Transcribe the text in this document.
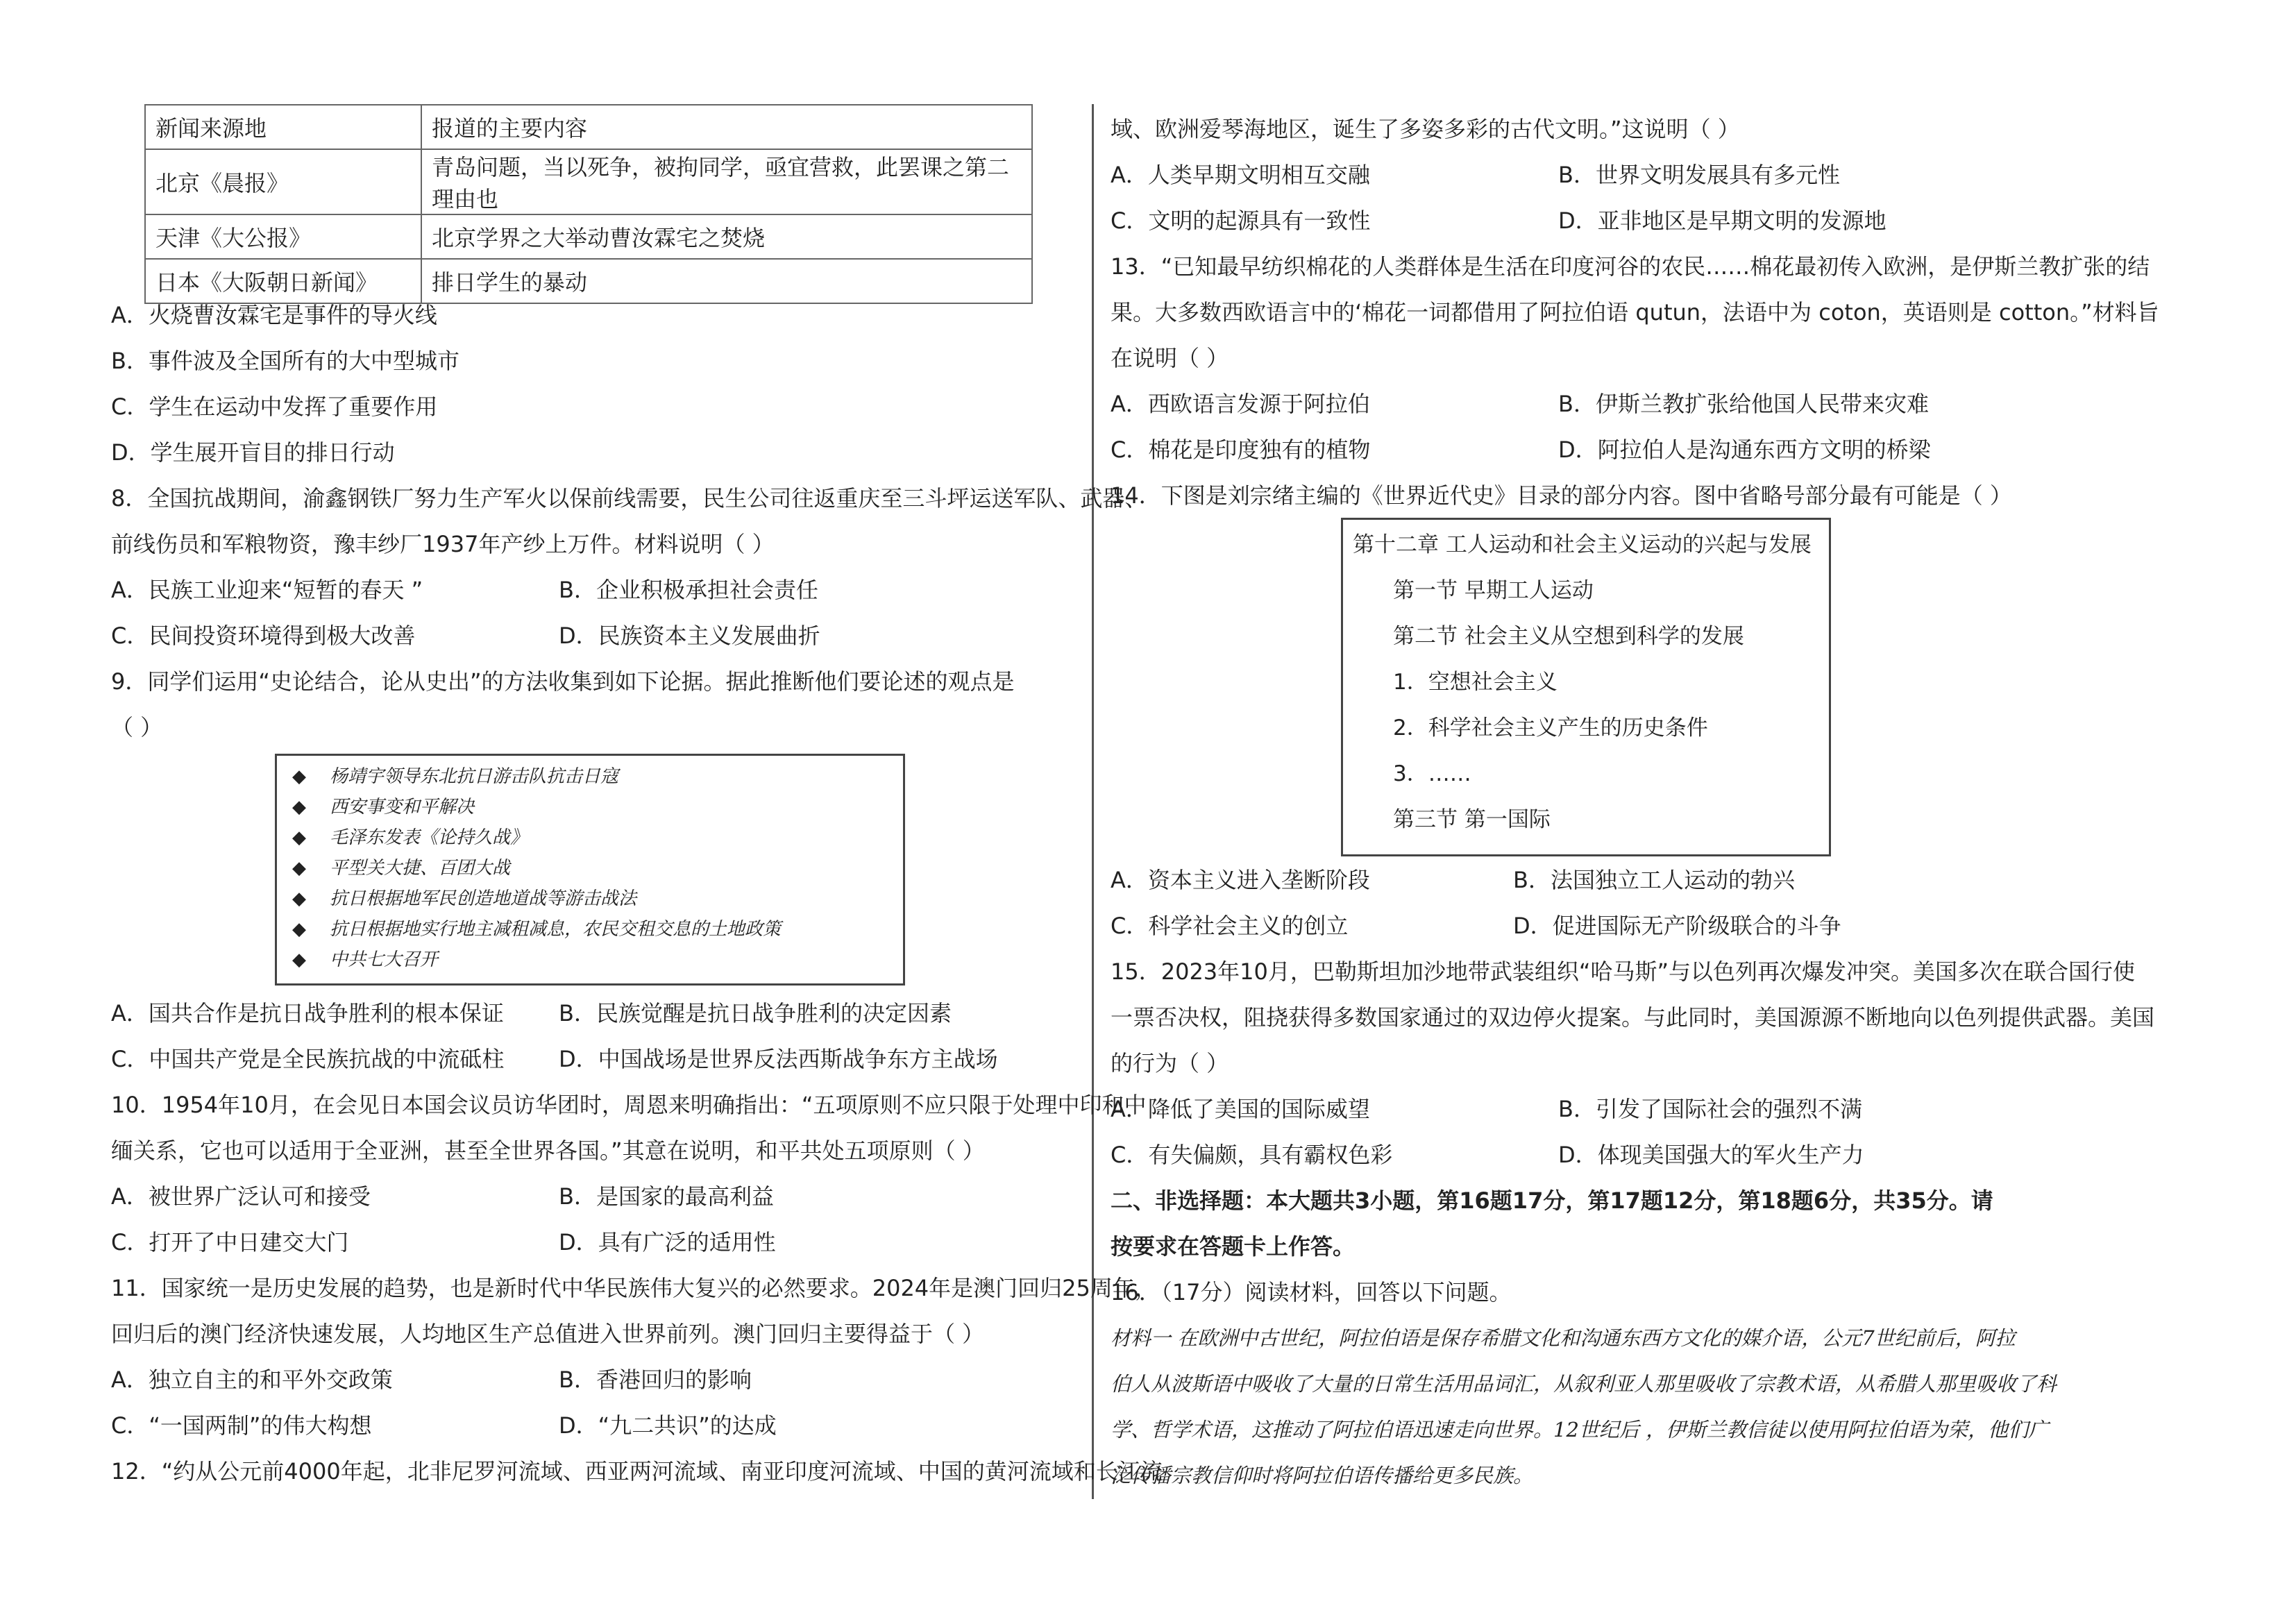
新闻来源地	报道的主要内容
北京《晨报》	青岛问题，当以死争，被拘同学，亟宜营救，此罢课之第二理由也
天津《大公报》	北京学界之大举动曹汝霖宅之焚烧
日本《大阪朝日新闻》	排日学生的暴动
A．火烧曹汝霖宅是事件的导火线
B．事件波及全国所有的大中型城市
C．学生在运动中发挥了重要作用
D．学生展开盲目的排日行动
8．全国抗战期间，渝鑫钢铁厂努力生产军火以保前线需要，民生公司往返重庆至三斗坪运送军队、武器、
前线伤员和军粮物资，豫丰纱厂1937年产纱上万件。材料说明（ ）
A．民族工业迎来“短暂的春天 ”	B．企业积极承担社会责任
C．民间投资环境得到极大改善	D．民族资本主义发展曲折
9．同学们运用“史论结合，论从史出”的方法收集到如下论据。据此推断他们要论述的观点是
（ ）
◆ 杨靖宇领导东北抗日游击队抗击日寇
◆ 西安事变和平解决
◆ 毛泽东发表《论持久战》
◆ 平型关大捷、百团大战
◆ 抗日根据地军民创造地道战等游击战法
◆ 抗日根据地实行地主减租减息，农民交租交息的土地政策
◆ 中共七大召开
A．国共合作是抗日战争胜利的根本保证 B．民族觉醒是抗日战争胜利的决定因素
C．中国共产党是全民族抗战的中流砥柱 D．中国战场是世界反法西斯战争东方主战场
10．1954年10月，在会见日本国会议员访华团时，周恩来明确指出：“五项原则不应只限于处理中印和中
缅关系，它也可以适用于全亚洲，甚至全世界各国。”其意在说明，和平共处五项原则（ ）
A．被世界广泛认可和接受	B．是国家的最高利益
C．打开了中日建交大门	D．具有广泛的适用性
11．国家统一是历史发展的趋势，也是新时代中华民族伟大复兴的必然要求。2024年是澳门回归25周年，
回归后的澳门经济快速发展，人均地区生产总值进入世界前列。澳门回归主要得益于（ ）
A．独立自主的和平外交政策	B．香港回归的影响
C．“一国两制”的伟大构想	D．“九二共识”的达成
12．“约从公元前4000年起，北非尼罗河流域、西亚两河流域、南亚印度河流域、中国的黄河流域和长江流
域、欧洲爱琴海地区，诞生了多姿多彩的古代文明。”这说明（ ）
A．人类早期文明相互交融	B．世界文明发展具有多元性
C．文明的起源具有一致性	D．亚非地区是早期文明的发源地
13．“已知最早纺织棉花的人类群体是生活在印度河谷的农民……棉花最初传入欧洲，是伊斯兰教扩张的结
果。大多数西欧语言中的‘棉花一词都借用了阿拉伯语 qutun，法语中为 coton，英语则是 cotton。”材料旨
在说明（ ）
A．西欧语言发源于阿拉伯	B．伊斯兰教扩张给他国人民带来灾难
C．棉花是印度独有的植物	D．阿拉伯人是沟通东西方文明的桥梁
14．下图是刘宗绪主编的《世界近代史》目录的部分内容。图中省略号部分最有可能是（ ）
第十二章 工人运动和社会主义运动的兴起与发展
第一节 早期工人运动
第二节 社会主义从空想到科学的发展
1．空想社会主义
2．科学社会主义产生的历史条件
3．……
第三节 第一国际
A．资本主义进入垄断阶段	B．法国独立工人运动的勃兴
C．科学社会主义的创立	D．促进国际无产阶级联合的斗争
15．2023年10月，巴勒斯坦加沙地带武装组织“哈马斯”与以色列再次爆发冲突。美国多次在联合国行使
一票否决权，阻挠获得多数国家通过的双边停火提案。与此同时，美国源源不断地向以色列提供武器。美国
的行为（ ）
A．降低了美国的国际威望	B．引发了国际社会的强烈不满
C．有失偏颇，具有霸权色彩	D．体现美国强大的军火生产力
二、非选择题：本大题共3小题，第16题17分，第17题12分，第18题6分，共35分。请
按要求在答题卡上作答。
16．（17分）阅读材料，回答以下问题。
材料一 在欧洲中古世纪，阿拉伯语是保存希腊文化和沟通东西方文化的媒介语，公元7世纪前后，阿拉
伯人从波斯语中吸收了大量的日常生活用品词汇，从叙利亚人那里吸收了宗教术语，从希腊人那里吸收了科
学、哲学术语，这推动了阿拉伯语迅速走向世界。12世纪后 ，伊斯兰教信徒以使用阿拉伯语为荣，他们广
泛传播宗教信仰时将阿拉伯语传播给更多民族。
